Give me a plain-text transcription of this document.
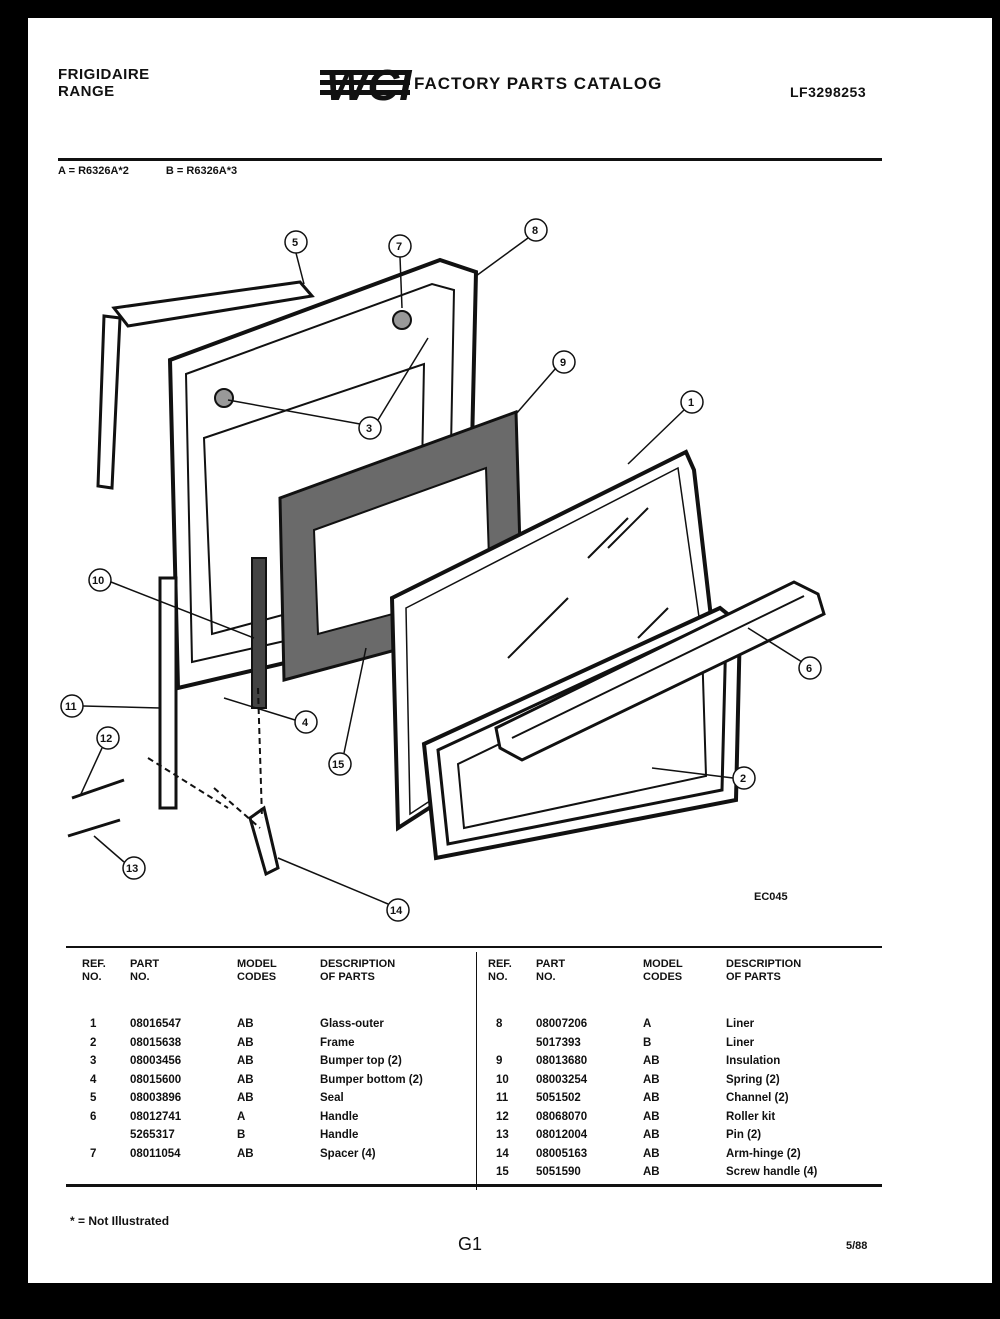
FRIGIDAIRE
RANGE	WCI FACTORY PARTS CATALOG	LF3298253
A = R6326A*2	B = R6326A*3
5	7
8
9
3
1
10
6
11
4
15
2
12
13
14
EC045
REF.
NO.
PART
NO.
MODEL
CODES
DESCRIPTION
OF PARTS
1	08016547	AB	Glass-outer
2	08015638	AB	Frame
3	08003456	AB	Bumper top (2)
4	08015600	AB	Bumper bottom (2)
5	08003896	AB	Seal
6	08012741	A	Handle
5265317	B	Handle
7	08011054	AB	Spacer (4)
REF.
NO.
PART
NO.
MODEL
CODES
DESCRIPTION
OF PARTS
8	08007206	A	Liner
5017393	B	Liner
9	08013680	AB	Insulation
10 08003254	AB	Spring (2)
11 5051502	AB	Channel (2)
12 08068070	AB	Roller kit
13 08012004	AB	Pin (2)
14 08005163	AB	Arm-hinge (2)
15 5051590	AB	Screw handle (4)
* = Not Illustrated
G1	5/88
